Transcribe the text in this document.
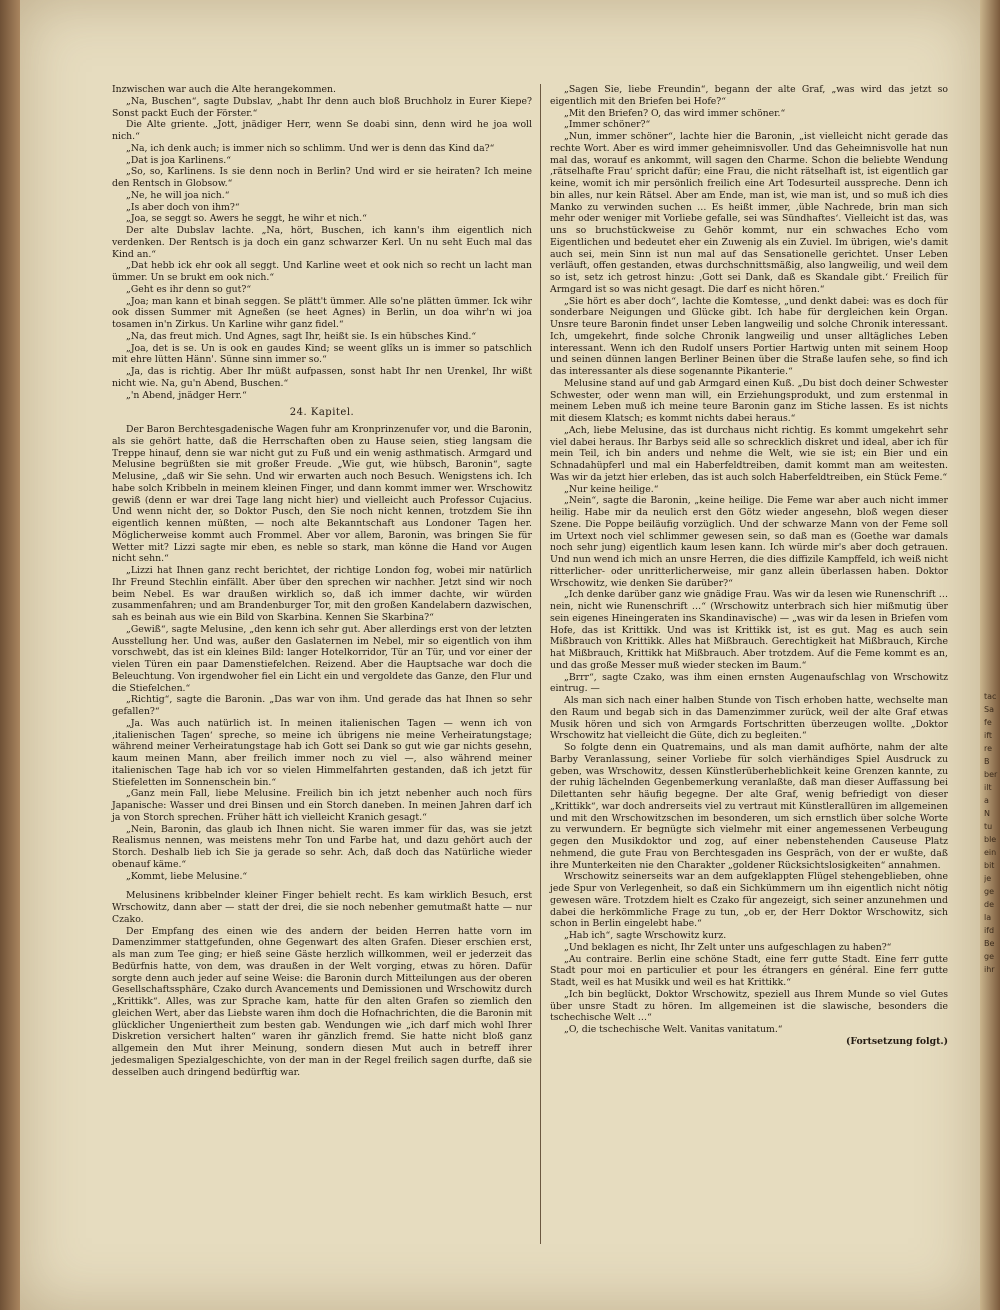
tac
Sa
fe
ift
re
B
ber
ilt
a
N
tu
ble
ein
bit
je
ge
de
la
ifd
Be
ge
ihr

Inzwischen war auch die Alte herangekommen.

„Na, Buschen“, sagte Dubslav, „habt Ihr denn auch bloß Bruchholz in Eurer Kiepe? Sonst packt Euch der Förster.“

Die Alte griente. „Jott, jnädiger Herr, wenn Se doabi sinn, denn wird he joa woll nich.“

„Na, ich denk auch; is immer nich so schlimm. Und wer is denn das Kind da?“

„Dat is joa Karlinens.“

„So, so, Karlinens. Is sie denn noch in Berlin? Und wird er sie heiraten? Ich meine den Rentsch in Globsow.“

„Ne, he will joa nich.“

„Is aber doch von ihm?“

„Joa, se seggt so. Awers he seggt, he wihr et nich.“

Der alte Dubslav lachte. „Na, hört, Buschen, ich kann's ihm eigentlich nich verdenken. Der Rentsch is ja doch ein ganz schwarzer Kerl. Un nu seht Euch mal das Kind an.“

„Dat hebb ick ehr ook all seggt. Und Karline weet et ook nich so recht un lacht man ümmer. Un se brukt em ook nich.“

„Geht es ihr denn so gut?“

„Joa; man kann et binah seggen. Se plätt't ümmer. Alle so'ne plätten ümmer. Ick wihr ook dissen Summer mit Agneßen (se heet Agnes) in Berlin, un doa wihr'n wi joa tosamen in'n Zirkus. Un Karline wihr ganz fidel.“

„Na, das freut mich. Und Agnes, sagt Ihr, heißt sie. Is ein hübsches Kind.“

„Joa, det is se. Un is ook en gaudes Kind; se weent glîks un is immer so patschlich mit ehre lütten Hänn'. Sünne sinn immer so.“

„Ja, das is richtig. Aber Ihr müßt aufpassen, sonst habt Ihr nen Urenkel, Ihr wißt nicht wie. Na, gu'n Abend, Buschen.“

„'n Abend, jnädger Herr.“

24. Kapitel.

Der Baron Berchtesgadenische Wagen fuhr am Kronprinzenufer vor, und die Baronin, als sie gehört hatte, daß die Herrschaften oben zu Hause seien, stieg langsam die Treppe hinauf, denn sie war nicht gut zu Fuß und ein wenig asthmatisch. Armgard und Melusine begrüßten sie mit großer Freude. „Wie gut, wie hübsch, Baronin“, sagte Melusine, „daß wir Sie sehn. Und wir erwarten auch noch Besuch. Wenigstens ich. Ich habe solch Kribbeln in meinem kleinen Finger, und dann kommt immer wer. Wrschowitz gewiß (denn er war drei Tage lang nicht hier) und vielleicht auch Professor Cujacius. Und wenn nicht der, so Doktor Pusch, den Sie noch nicht kennen, trotzdem Sie ihn eigentlich kennen müßten, — noch alte Bekanntschaft aus Londoner Tagen her. Möglicherweise kommt auch Frommel. Aber vor allem, Baronin, was bringen Sie für Wetter mit? Lizzi sagte mir eben, es neble so stark, man könne die Hand vor Augen nicht sehn.“

„Lizzi hat Ihnen ganz recht berichtet, der richtige London fog, wobei mir natürlich Ihr Freund Stechlin einfällt. Aber über den sprechen wir nachher. Jetzt sind wir noch beim Nebel. Es war draußen wirklich so, daß ich immer dachte, wir würden zusammenfahren; und am Brandenburger Tor, mit den großen Kandelabern dazwischen, sah es beinah aus wie ein Bild von Skarbina. Kennen Sie Skarbina?“

„Gewiß“, sagte Melusine, „den kenn ich sehr gut. Aber allerdings erst von der letzten Ausstellung her. Und was, außer den Gaslaternen im Nebel, mir so eigentlich von ihm vorschwebt, das ist ein kleines Bild: langer Hotelkorridor, Tür an Tür, und vor einer der vielen Türen ein paar Damenstiefelchen. Reizend. Aber die Hauptsache war doch die Beleuchtung. Von irgendwoher fiel ein Licht ein und vergoldete das Ganze, den Flur und die Stiefelchen.“

„Richtig“, sagte die Baronin. „Das war von ihm. Und gerade das hat Ihnen so sehr gefallen?“

„Ja. Was auch natürlich ist. In meinen italienischen Tagen — wenn ich von ‚italienischen Tagen‘ spreche, so meine ich übrigens nie meine Verheiratungstage; während meiner Verheiratungstage hab ich Gott sei Dank so gut wie gar nichts gesehn, kaum meinen Mann, aber freilich immer noch zu viel —, also während meiner italienischen Tage hab ich vor so vielen Himmelfahrten gestanden, daß ich jetzt für Stiefeletten im Sonnenschein bin.“

„Ganz mein Fall, liebe Melusine. Freilich bin ich jetzt nebenher auch noch fürs Japanische: Wasser und drei Binsen und ein Storch daneben. In meinen Jahren darf ich ja von Storch sprechen. Früher hätt ich vielleicht Kranich gesagt.“

„Nein, Baronin, das glaub ich Ihnen nicht. Sie waren immer für das, was sie jetzt Realismus nennen, was meistens mehr Ton und Farbe hat, und dazu gehört auch der Storch. Deshalb lieb ich Sie ja gerade so sehr. Ach, daß doch das Natürliche wieder obenauf käme.“

„Kommt, liebe Melusine.“

Melusinens kribbelnder kleiner Finger behielt recht. Es kam wirklich Besuch, erst Wrschowitz, dann aber — statt der drei, die sie noch nebenher gemutmaßt hatte — nur Czako.

Der Empfang des einen wie des andern der beiden Herren hatte vorn im Damenzimmer stattgefunden, ohne Gegenwart des alten Grafen. Dieser erschien erst, als man zum Tee ging; er hieß seine Gäste herzlich willkommen, weil er jederzeit das Bedürfnis hatte, von dem, was draußen in der Welt vorging, etwas zu hören. Dafür sorgte denn auch jeder auf seine Weise: die Baronin durch Mitteilungen aus der oberen Gesellschaftssphäre, Czako durch Avancements und Demissionen und Wrschowitz durch „Krittikk“. Alles, was zur Sprache kam, hatte für den alten Grafen so ziemlich den gleichen Wert, aber das Liebste waren ihm doch die Hofnachrichten, die die Baronin mit glücklicher Ungeniertheit zum besten gab. Wendungen wie „ich darf mich wohl Ihrer Diskretion versichert halten“ waren ihr gänzlich fremd. Sie hatte nicht bloß ganz allgemein den Mut ihrer Meinung, sondern diesen Mut auch in betreff ihrer jedesmaligen Spezialgeschichte, von der man in der Regel freilich sagen durfte, daß sie desselben auch dringend bedürftig war.

„Sagen Sie, liebe Freundin“, begann der alte Graf, „was wird das jetzt so eigentlich mit den Briefen bei Hofe?“

„Mit den Briefen? O, das wird immer schöner.“

„Immer schöner?“

„Nun, immer schöner“, lachte hier die Baronin, „ist vielleicht nicht gerade das rechte Wort. Aber es wird immer geheimnisvoller. Und das Geheimnisvolle hat nun mal das, worauf es ankommt, will sagen den Charme. Schon die beliebte Wendung ‚rätselhafte Frau‘ spricht dafür; eine Frau, die nicht rätselhaft ist, ist eigentlich gar keine, womit ich mir persönlich freilich eine Art Todesurteil ausspreche. Denn ich bin alles, nur kein Rätsel. Aber am Ende, man ist, wie man ist, und so muß ich dies Manko zu verwinden suchen … Es heißt immer, ‚üble Nachrede, brin man sich mehr oder weniger mit Vorliebe gefalle, sei was Sündhaftes‘. Vielleicht ist das, was uns so bruchstückweise zu Gehör kommt, nur ein schwaches Echo vom Eigentlichen und bedeutet eher ein Zuwenig als ein Zuviel. Im übrigen, wie's damit auch sei, mein Sinn ist nun mal auf das Sensationelle gerichtet. Unser Leben verläuft, offen gestanden, etwas durchschnittsmäßig, also langweilig, und weil dem so ist, setz ich getrost hinzu: ‚Gott sei Dank, daß es Skandale gibt.‘ Freilich für Armgard ist so was nicht gesagt. Die darf es nicht hören.“

„Sie hört es aber doch“, lachte die Komtesse, „und denkt dabei: was es doch für sonderbare Neigungen und Glücke gibt. Ich habe für dergleichen kein Organ. Unsre teure Baronin findet unser Leben langweilig und solche Chronik interessant. Ich, umgekehrt, finde solche Chronik langweilig und unser alltägliches Leben interessant. Wenn ich den Rudolf unsers Portier Hartwig unten mit seinem Hoop und seinen dünnen langen Berliner Beinen über die Straße laufen sehe, so find ich das interessanter als diese sogenannte Pikanterie.“

Melusine stand auf und gab Armgard einen Kuß. „Du bist doch deiner Schwester Schwester, oder wenn man will, ein Erziehungsprodukt, und zum erstenmal in meinem Leben muß ich meine teure Baronin ganz im Stiche lassen. Es ist nichts mit diesem Klatsch; es kommt nichts dabei heraus.“

„Ach, liebe Melusine, das ist durchaus nicht richtig. Es kommt umgekehrt sehr viel dabei heraus. Ihr Barbys seid alle so schrecklich diskret und ideal, aber ich für mein Teil, ich bin anders und nehme die Welt, wie sie ist; ein Bier und ein Schnadahüpferl und mal ein Haberfeldtreiben, damit kommt man am weitesten. Was wir da jetzt hier erleben, das ist auch solch Haberfeldtreiben, ein Stück Feme.“

„Nur keine heilige.“

„Nein“, sagte die Baronin, „keine heilige. Die Feme war aber auch nicht immer heilig. Habe mir da neulich erst den Götz wieder angesehn, bloß wegen dieser Szene. Die Poppe beiläufig vorzüglich. Und der schwarze Mann von der Feme soll im Urtext noch viel schlimmer gewesen sein, so daß man es (Goethe war damals noch sehr jung) eigentlich kaum lesen kann. Ich würde mir's aber doch getrauen. Und nun wend ich mich an unsre Herren, die dies diffizile Kampffeld, ich weiß nicht ritterlicher- oder unritterlicherweise, mir ganz allein überlassen haben. Doktor Wrschowitz, wie denken Sie darüber?“

„Ich denke darüber ganz wie gnädige Frau. Was wir da lesen wie Runenschrift … nein, nicht wie Runenschrift …“ (Wrschowitz unterbrach sich hier mißmutig über sein eigenes Hineingeraten ins Skandinavische) — „was wir da lesen in Briefen vom Hofe, das ist Krittikk. Und was ist Krittikk ist, ist es gut. Mag es auch sein Mißbrauch von Krittikk. Alles hat Mißbrauch. Gerechtigkeit hat Mißbrauch, Kirche hat Mißbrauch, Krittikk hat Mißbrauch. Aber trotzdem. Auf die Feme kommt es an, und das große Messer muß wieder stecken im Baum.“

„Brrr“, sagte Czako, was ihm einen ernsten Augenaufschlag von Wrschowitz eintrug. —

Als man sich nach einer halben Stunde von Tisch erhoben hatte, wechselte man den Raum und begab sich in das Damenzimmer zurück, weil der alte Graf etwas Musik hören und sich von Armgards Fortschritten überzeugen wollte. „Doktor Wrschowitz hat vielleicht die Güte, dich zu begleiten.“

So folgte denn ein Quatremains, und als man damit aufhörte, nahm der alte Barby Veranlassung, seiner Vorliebe für solch vierhändiges Spiel Ausdruck zu geben, was Wrschowitz, dessen Künstlerüberheblichkeit keine Grenzen kannte, zu der ruhig lächelnden Gegenbemerkung veranlaßte, daß man dieser Auffassung bei Dilettanten sehr häufig begegne. Der alte Graf, wenig befriedigt von dieser „Krittikk“, war doch andrerseits viel zu vertraut mit Künstlerallüren im allgemeinen und mit den Wrschowitzschen im besonderen, um sich ernstlich über solche Worte zu verwundern. Er begnügte sich vielmehr mit einer angemessenen Verbeugung gegen den Musikdoktor und zog, auf einer nebenstehenden Causeuse Platz nehmend, die gute Frau von Berchtesgaden ins Gespräch, von der er wußte, daß ihre Munterkeiten nie den Charakter „goldener Rücksichtslosigkeiten“ annahmen.

Wrschowitz seinerseits war an dem aufgeklappten Flügel stehengeblieben, ohne jede Spur von Verlegenheit, so daß ein Sichkümmern um ihn eigentlich nicht nötig gewesen wäre. Trotzdem hielt es Czako für angezeigt, sich seiner anzunehmen und dabei die herkömmliche Frage zu tun, „ob er, der Herr Doktor Wrschowitz, sich schon in Berlin eingelebt habe.“

„Hab ich“, sagte Wrschowitz kurz.

„Und beklagen es nicht, Ihr Zelt unter uns aufgeschlagen zu haben?“

„Au contraire. Berlin eine schöne Stadt, eine ferr gutte Stadt. Eine ferr gutte Stadt pour moi en particulier et pour les étrangers en général. Eine ferr gutte Stadt, weil es hat Musikk und weil es hat Krittikk.“

„Ich bin beglückt, Doktor Wrschowitz, speziell aus Ihrem Munde so viel Gutes über unsre Stadt zu hören. Im allgemeinen ist die slawische, besonders die tschechische Welt …“

„O, die tschechische Welt. Vanitas vanitatum.“

(Fortsetzung folgt.)
